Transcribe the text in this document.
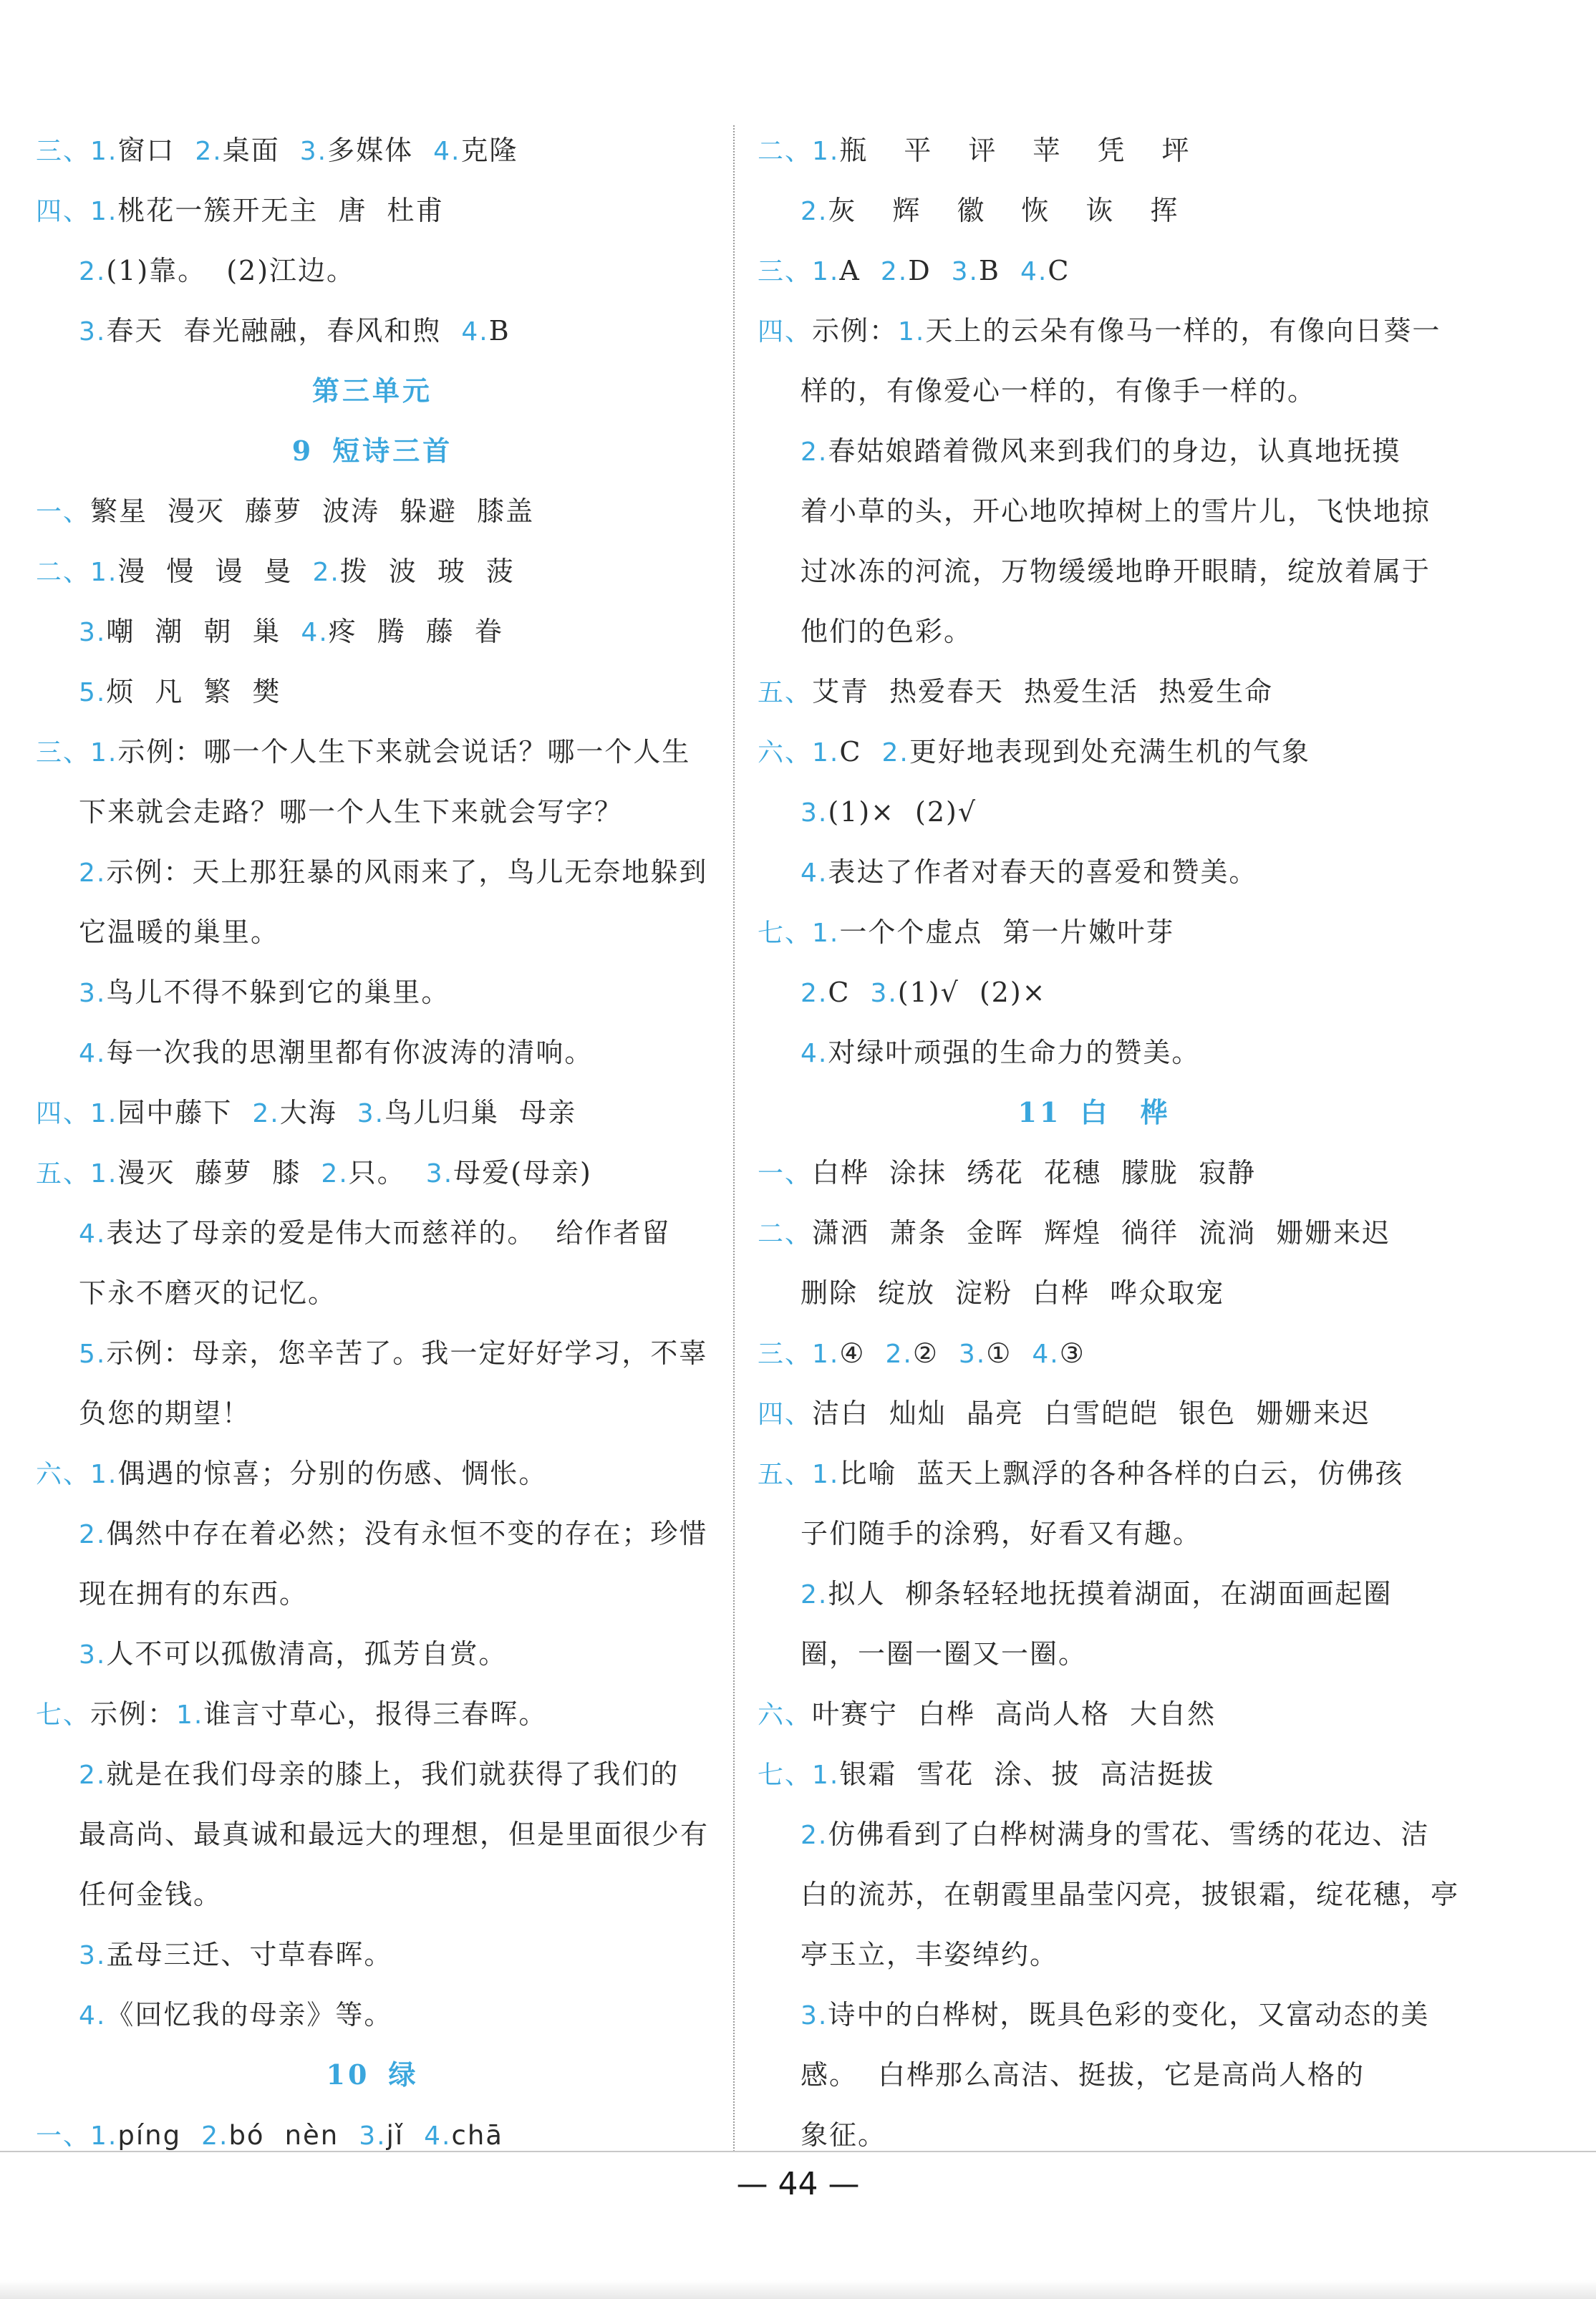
三、1.窗口 2.桌面 3.多媒体 4.克隆
四、1.桃花一簇开无主 唐 杜甫
2.(1)靠。 (2)江边。
3.春天 春光融融，春风和煦 4.B
第三单元
9 短诗三首
一、繁星 漫灭 藤萝 波涛 躲避 膝盖
二、1.漫 慢 谩 曼 2.拨 波 玻 菠
3.嘲 潮 朝 巢 4.疼 腾 藤 眷
5.烦 凡 繁 樊
三、1.示例：哪一个人生下来就会说话？哪一个人生
下来就会走路？哪一个人生下来就会写字？
2.示例：天上那狂暴的风雨来了，鸟儿无奈地躲到
它温暖的巢里。
3.鸟儿不得不躲到它的巢里。
4.每一次我的思潮里都有你波涛的清响。
四、1.园中藤下 2.大海 3.鸟儿归巢 母亲
五、1.漫灭 藤萝 膝 2.只。 3.母爱(母亲)
4.表达了母亲的爱是伟大而慈祥的。 给作者留
下永不磨灭的记忆。
5.示例：母亲，您辛苦了。我一定好好学习，不辜
负您的期望！
六、1.偶遇的惊喜；分别的伤感、惆怅。
2.偶然中存在着必然；没有永恒不变的存在；珍惜
现在拥有的东西。
3.人不可以孤傲清高，孤芳自赏。
七、示例：1.谁言寸草心，报得三春晖。
2.就是在我们母亲的膝上，我们就获得了我们的
最高尚、最真诚和最远大的理想，但是里面很少有
任何金钱。
3.孟母三迁、寸草春晖。
4.《回忆我的母亲》等。
10 绿
一、1.píng 2.bó nèn 3.jǐ 4.chā
二、1.瓶 平 评 苹 凭 坪
2.灰 辉 徽 恢 诙 挥
三、1.A 2.D 3.B 4.C
四、示例：1.天上的云朵有像马一样的，有像向日葵一
样的，有像爱心一样的，有像手一样的。
2.春姑娘踏着微风来到我们的身边，认真地抚摸
着小草的头，开心地吹掉树上的雪片儿，飞快地掠
过冰冻的河流，万物缓缓地睁开眼睛，绽放着属于
他们的色彩。
五、艾青 热爱春天 热爱生活 热爱生命
六、1.C 2.更好地表现到处充满生机的气象
3.(1)× (2)√
4.表达了作者对春天的喜爱和赞美。
七、1.一个个虚点 第一片嫩叶芽
2.C 3.(1)√ (2)×
4.对绿叶顽强的生命力的赞美。
11 白　桦
一、白桦 涂抹 绣花 花穗 朦胧 寂静
二、潇洒 萧条 金晖 辉煌 徜徉 流淌 姗姗来迟
删除 绽放 淀粉 白桦 哗众取宠
三、1.④ 2.② 3.① 4.③
四、洁白 灿灿 晶亮 白雪皑皑 银色 姗姗来迟
五、1.比喻 蓝天上飘浮的各种各样的白云，仿佛孩
子们随手的涂鸦，好看又有趣。
2.拟人 柳条轻轻地抚摸着湖面，在湖面画起圈
圈，一圈一圈又一圈。
六、叶赛宁 白桦 高尚人格 大自然
七、1.银霜 雪花 涂、披 高洁挺拔
2.仿佛看到了白桦树满身的雪花、雪绣的花边、洁
白的流苏，在朝霞里晶莹闪亮，披银霜，绽花穗，亭
亭玉立，丰姿绰约。
3.诗中的白桦树，既具色彩的变化，又富动态的美
感。 白桦那么高洁、挺拔，它是高尚人格的
象征。
— 44 —
